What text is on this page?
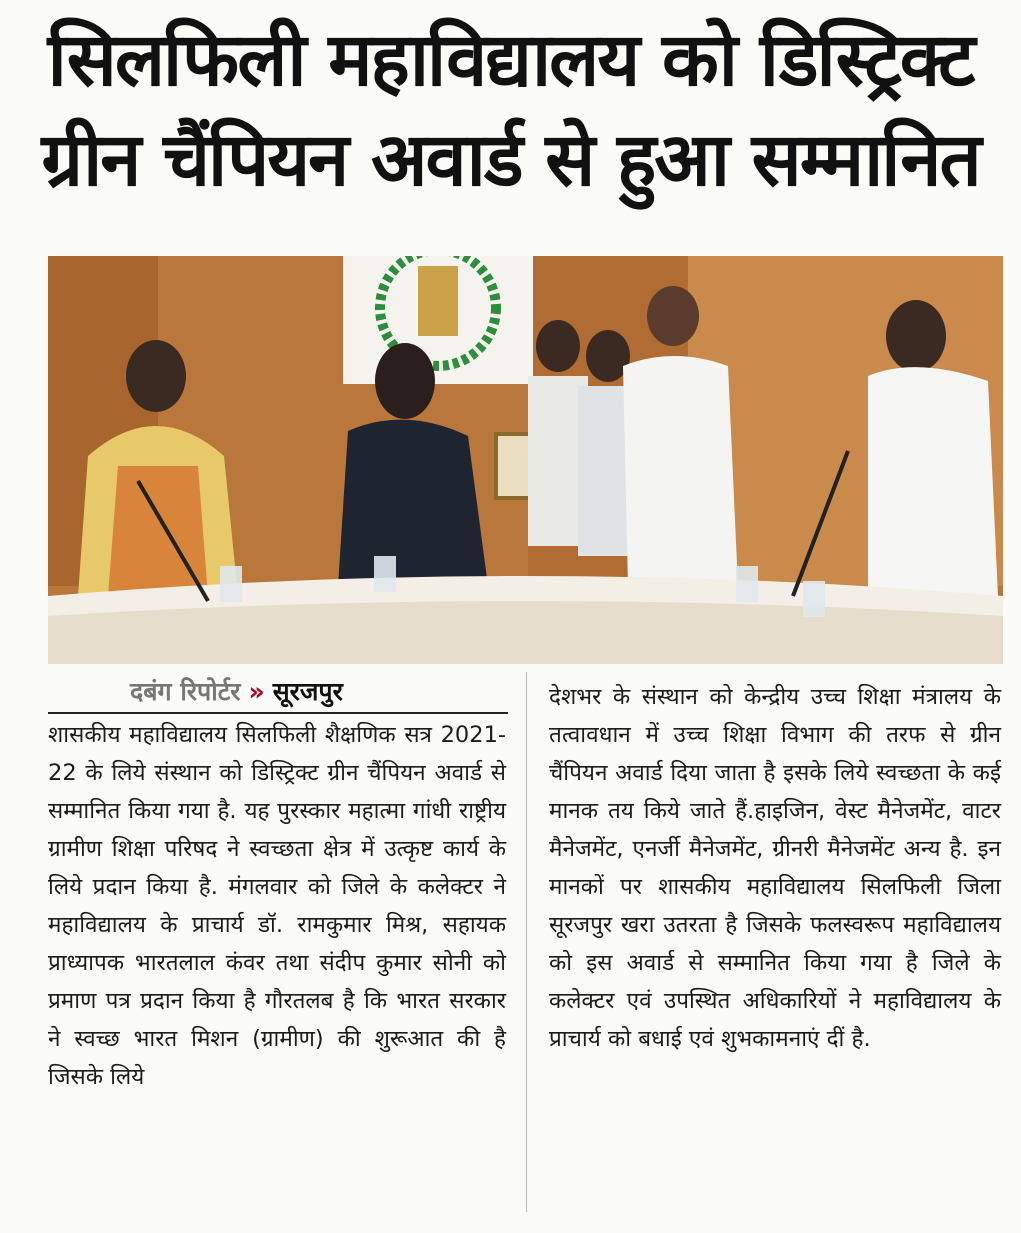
सिलफिली महाविद्यालय को डिस्ट्रिक्ट
ग्रीन चैंपियन अवार्ड से हुआ सम्मानित
दबंग रिपोर्टर » सूरजपुर
शासकीय महाविद्यालय सिलफिली शैक्षणिक सत्र 2021-22 के लिये संस्थान को डिस्ट्रिक्ट ग्रीन चैंपियन अवार्ड से सम्मानित किया गया है. यह पुरस्कार महात्मा गांधी राष्ट्रीय ग्रामीण शिक्षा परिषद ने स्वच्छता क्षेत्र में उत्कृष्ट कार्य के लिये प्रदान किया है. मंगलवार को जिले के कलेक्टर ने महाविद्यालय के प्राचार्य डॉ. रामकुमार मिश्र, सहायक प्राध्यापक भारतलाल कंवर तथा संदीप कुमार सोनी को प्रमाण पत्र प्रदान किया है गौरतलब है कि भारत सरकार ने स्वच्छ भारत मिशन (ग्रामीण) की शुरूआत की है जिसके लिये
देशभर के संस्थान को केन्द्रीय उच्च शिक्षा मंत्रालय के तत्वावधान में उच्च शिक्षा विभाग की तरफ से ग्रीन चैंपियन अवार्ड दिया जाता है इसके लिये स्वच्छता के कई मानक तय किये जाते हैं.हाइजिन, वेस्ट मैनेजमेंट, वाटर मैनेजमेंट, एनर्जी मैनेजमेंट, ग्रीनरी मैनेजमेंट अन्य है. इन मानकों पर शासकीय महाविद्यालय सिलफिली जिला सूरजपुर खरा उतरता है जिसके फलस्वरूप महाविद्यालय को इस अवार्ड से सम्मानित किया गया है जिले के कलेक्टर एवं उपस्थित अधिकारियों ने महाविद्यालय के प्राचार्य को बधाई एवं शुभकामनाएं दीं है.
